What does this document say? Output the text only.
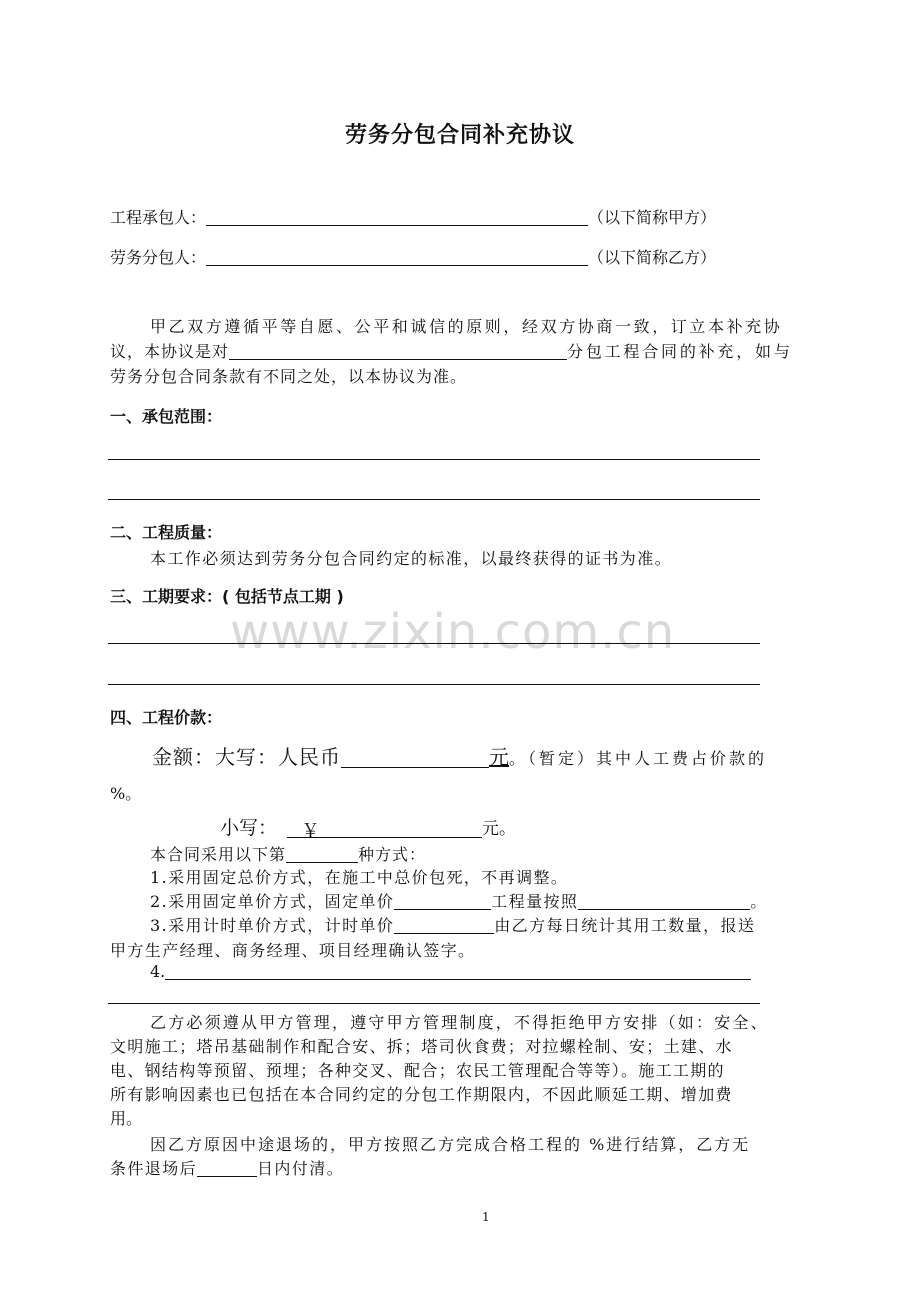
劳务分包合同补充协议
工程承包人：	（以下简称甲方）
劳务分包人：	（以下简称乙方）
甲乙双方遵循平等自愿、公平和诚信的原则，经双方协商一致，订立本补充协
议，本协议是对	分包工程合同的补充，如与
劳务分包合同条款有不同之处，以本协议为准。
一、承包范围：
二、工程质量：
本工作必须达到劳务分包合同约定的标准，以最终获得的证书为准。
三、工期要求：( 包括节点工期 )
www.zixin.com.cn
四、工程价款：
金额：大写：人民币	元。（暂定）其中人工费占价款的
%。
小写： ￥	元。
本合同采用以下第	种方式：
1.采用固定总价方式，在施工中总价包死，不再调整。
2.采用固定单价方式，固定单价	工程量按照	。
3.采用计时单价方式，计时单价	由乙方每日统计其用工数量，报送
甲方生产经理、商务经理、项目经理确认签字。
4.
乙方必须遵从甲方管理，遵守甲方管理制度，不得拒绝甲方安排（如：安全、
文明施工；塔吊基础制作和配合安、拆；塔司伙食费；对拉螺栓制、安；土建、水
电、钢结构等预留、预埋；各种交叉、配合；农民工管理配合等等）。施工工期的
所有影响因素也已包括在本合同约定的分包工作期限内，不因此顺延工期、增加费
用。
因乙方原因中途退场的，甲方按照乙方完成合格工程的 %进行结算，乙方无
条件退场后	日内付清。
1
